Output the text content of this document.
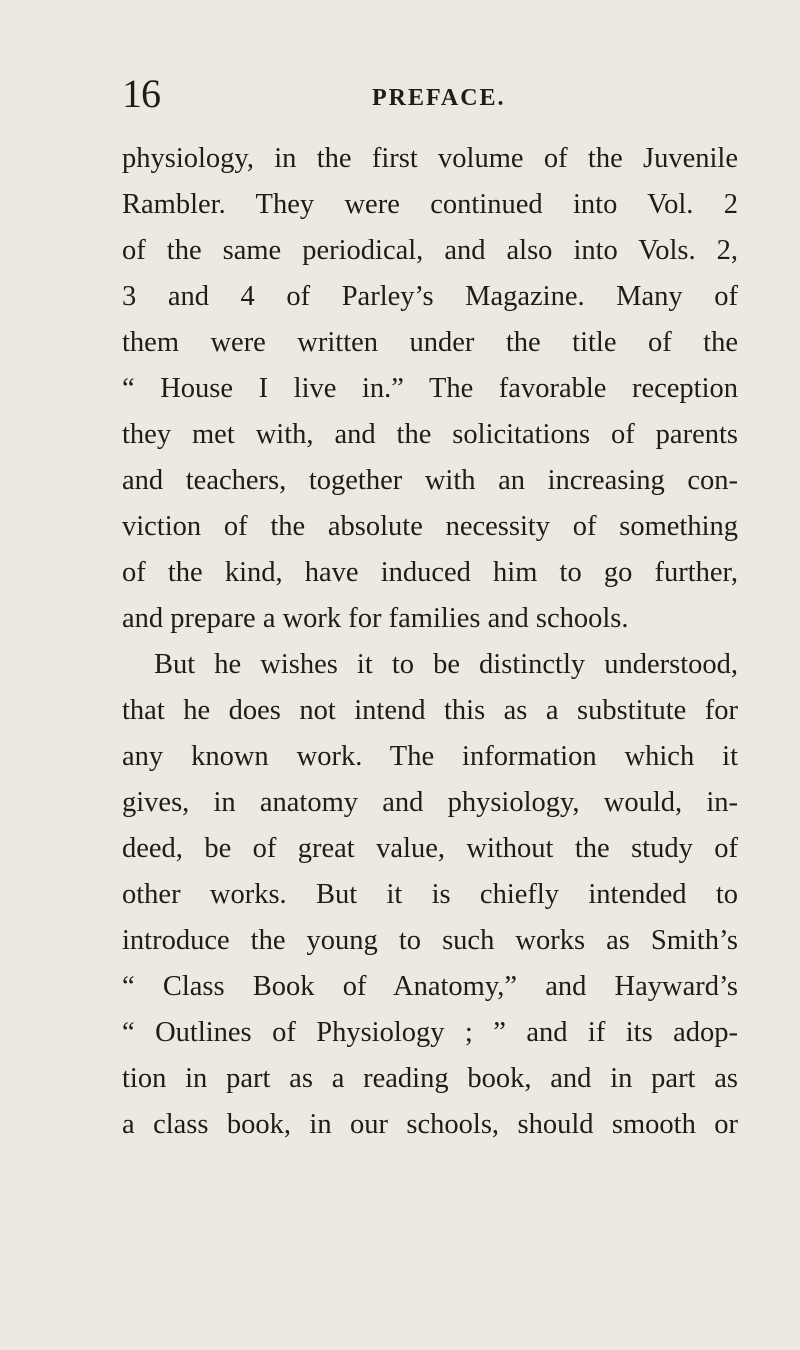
16	PREFACE.
physiology, in the first volume of the Juvenile
Rambler. They were continued into Vol. 2
of the same periodical, and also into Vols. 2,
3 and 4 of Parley’s Magazine. Many of
them were written under the title of the
“ House I live in.” The favorable reception
they met with, and the solicitations of parents
and teachers, together with an increasing con-
viction of the absolute necessity of something
of the kind, have induced him to go further,
and prepare a work for families and schools.
But he wishes it to be distinctly understood,
that he does not intend this as a substitute for
any known work. The information which it
gives, in anatomy and physiology, would, in-
deed, be of great value, without the study of
other works. But it is chiefly intended to
introduce the young to such works as Smith’s
“ Class Book of Anatomy,” and Hayward’s
“ Outlines of Physiology ; ” and if its adop-
tion in part as a reading book, and in part as
a class book, in our schools, should smooth or
